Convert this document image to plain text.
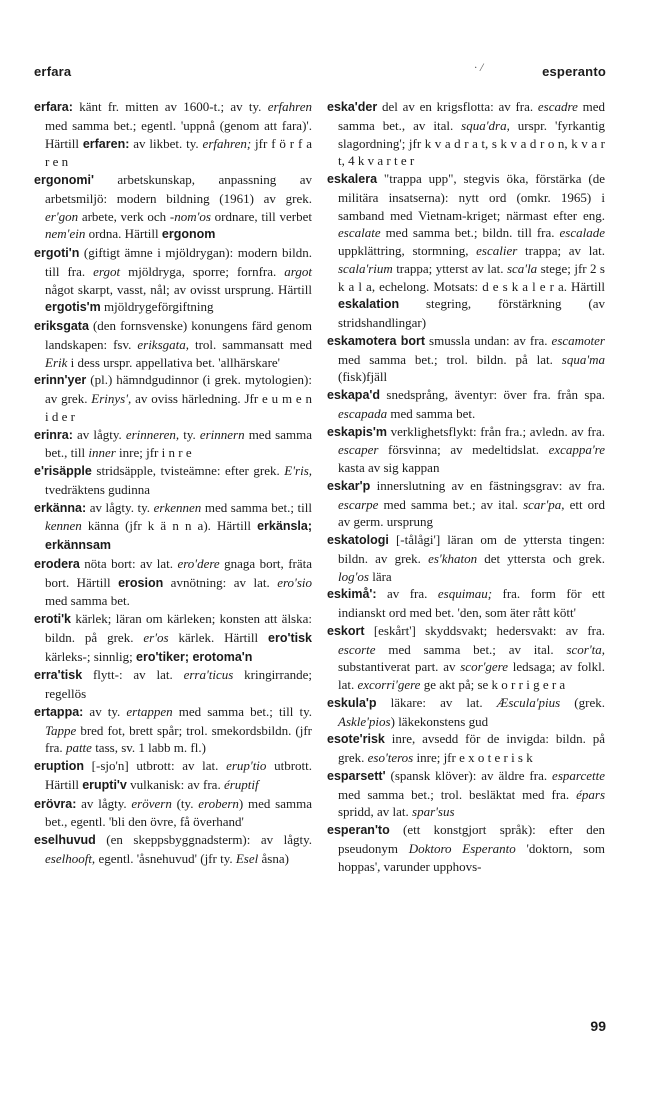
erfara	· /	esperanto

erfara: känt fr. mitten av 1600-t.; av ty. erfahren med samma bet.; egentl. 'uppnå (genom att fara)'. Härtill erfaren: av likbet. ty. erfahren; jfr f ö r f a r e n

ergonomi' arbetskunskap, anpassning av arbetsmiljö: modern bildning (1961) av grek. er'gon arbete, verk och -nom'os ordnare, till verbet nem'ein ordna. Härtill ergonom

ergoti'n (giftigt ämne i mjöldrygan): modern bildn. till fra. ergot mjöldryga, sporre; fornfra. argot något skarpt, vasst, nål; av ovisst ursprung. Härtill ergotis'm mjöldrygeförgiftning

eriksgata (den fornsvenske) konungens färd genom landskapen: fsv. eriksgata, trol. sammansatt med Erik i dess urspr. appellativa bet. 'allhärskare'

erinn'yer (pl.) hämndgudinnor (i grek. mytologien): av grek. Erinys', av oviss härledning. Jfr e u m e n i d e r

erinra: av lågty. erinneren, ty. erinnern med samma bet., till inner inre; jfr i n r e

e'risäpple stridsäpple, tvisteämne: efter grek. E'ris, tvedräktens gudinna

erkänna: av lågty. ty. erkennen med samma bet.; till kennen känna (jfr k ä n n a). Härtill erkänsla; erkännsam

erodera nöta bort: av lat. ero'dere gnaga bort, fräta bort. Härtill erosion avnötning: av lat. ero'sio med samma bet.

eroti'k kärlek; läran om kärleken; konsten att älska: bildn. på grek. er'os kärlek. Härtill ero'tisk kärleks-; sinnlig; ero'tiker; erotoma'n

erra'tisk flytt-: av lat. erra'ticus kringirrande; regellös

ertappa: av ty. ertappen med samma bet.; till ty. Tappe bred fot, brett spår; trol. smekordsbildn. (jfr fra. patte tass, sv. 1 labb m. fl.)

eruption [-sjo'n] utbrott: av lat. erup'tio utbrott. Härtill erupti'v vulkanisk: av fra. éruptif

erövra: av lågty. erövern (ty. erobern) med samma bet., egentl. 'bli den övre, få överhand'

eselhuvud (en skeppsbyggnadsterm): av lågty. eselhooft, egentl. 'åsnehuvud' (jfr ty. Esel åsna)

eska'der del av en krigsflotta: av fra. escadre med samma bet., av ital. squa'dra, urspr. 'fyrkantig slagordning'; jfr k v a d r a t, s k v a d r o n, k v a r t, 4 k v a r t e r

eskalera "trappa upp", stegvis öka, förstärka (de militära insatserna): nytt ord (omkr. 1965) i samband med Vietnam-kriget; närmast efter eng. escalate med samma bet.; bildn. till fra. escalade uppklättring, stormning, escalier trappa; av lat. scala'rium trappa; ytterst av lat. sca'la stege; jfr 2 s k a l a, echelong. Motsats: d e s k a l e r a. Härtill eskalation stegring, förstärkning (av stridshandlingar)

eskamotera bort smussla undan: av fra. escamoter med samma bet.; trol. bildn. på lat. squa'ma (fisk)fjäll

eskapa'd snedsprång, äventyr: över fra. från spa. escapada med samma bet.

eskapis'm verklighetsflykt: från fra.; avledn. av fra. escaper försvinna; av medeltidslat. excappa're kasta av sig kappan

eskar'p innerslutning av en fästningsgrav: av fra. escarpe med samma bet.; av ital. scar'pa, ett ord av germ. ursprung

eskatologi [-tålågi'] läran om de yttersta tingen: bildn. av grek. es'khaton det yttersta och grek. log'os lära

eskimå': av fra. esquimau; fra. form för ett indianskt ord med bet. 'den, som äter rått kött'

eskort [eskårt'] skyddsvakt; hedersvakt: av fra. escorte med samma bet.; av ital. scor'ta, substantiverat part. av scor'gere ledsaga; av folkl. lat. excorri'gere ge akt på; se k o r r i g e r a

eskula'p läkare: av lat. Æscula'pius (grek. Askle'pios) läkekonstens gud

esote'risk inre, avsedd för de invigda: bildn. på grek. eso'teros inre; jfr e x o t e r i s k

esparsett' (spansk klöver): av äldre fra. esparcette med samma bet.; trol. besläktat med fra. épars spridd, av lat. spar'sus

esperan'to (ett konstgjort språk): efter den pseudonym Doktoro Esperanto 'doktorn, som hoppas', varunder upphovs-

99
